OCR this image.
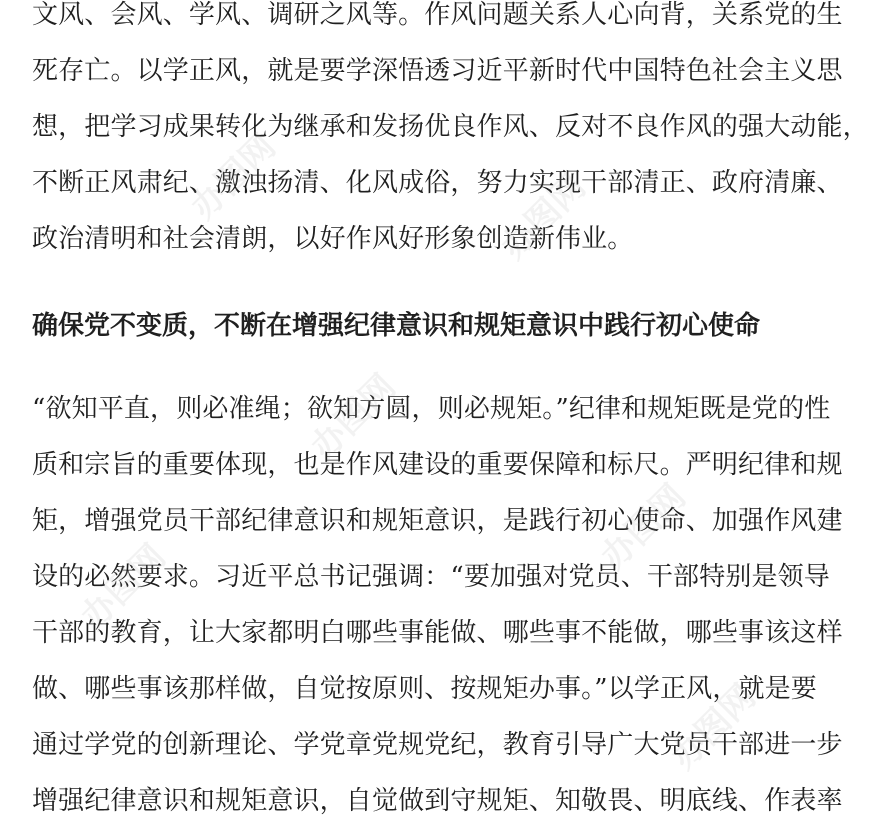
文风、会风、学风、调研之风等。作风问题关系人心向背，关系党的生
死存亡。以学正风，就是要学深悟透习近平新时代中国特色社会主义思
想，把学习成果转化为继承和发扬优良作风、反对不良作风的强大动能，
不断正风肃纪、激浊扬清、化风成俗，努力实现干部清正、政府清廉、
政治清明和社会清朗，以好作风好形象创造新伟业。
确保党不变质，不断在增强纪律意识和规矩意识中践行初心使命
“欲知平直，则必准绳；欲知方圆，则必规矩。”纪律和规矩既是党的性
质和宗旨的重要体现，也是作风建设的重要保障和标尺。严明纪律和规
矩，增强党员干部纪律意识和规矩意识，是践行初心使命、加强作风建
设的必然要求。习近平总书记强调：“要加强对党员、干部特别是领导
干部的教育，让大家都明白哪些事能做、哪些事不能做，哪些事该这样
做、哪些事该那样做，自觉按原则、按规矩办事。”以学正风，就是要
通过学党的创新理论、学党章党规党纪，教育引导广大党员干部进一步
增强纪律意识和规矩意识，自觉做到守规矩、知敬畏、明底线、作表率
办图网	办图网
办图网
办图网
办图网
办图网
